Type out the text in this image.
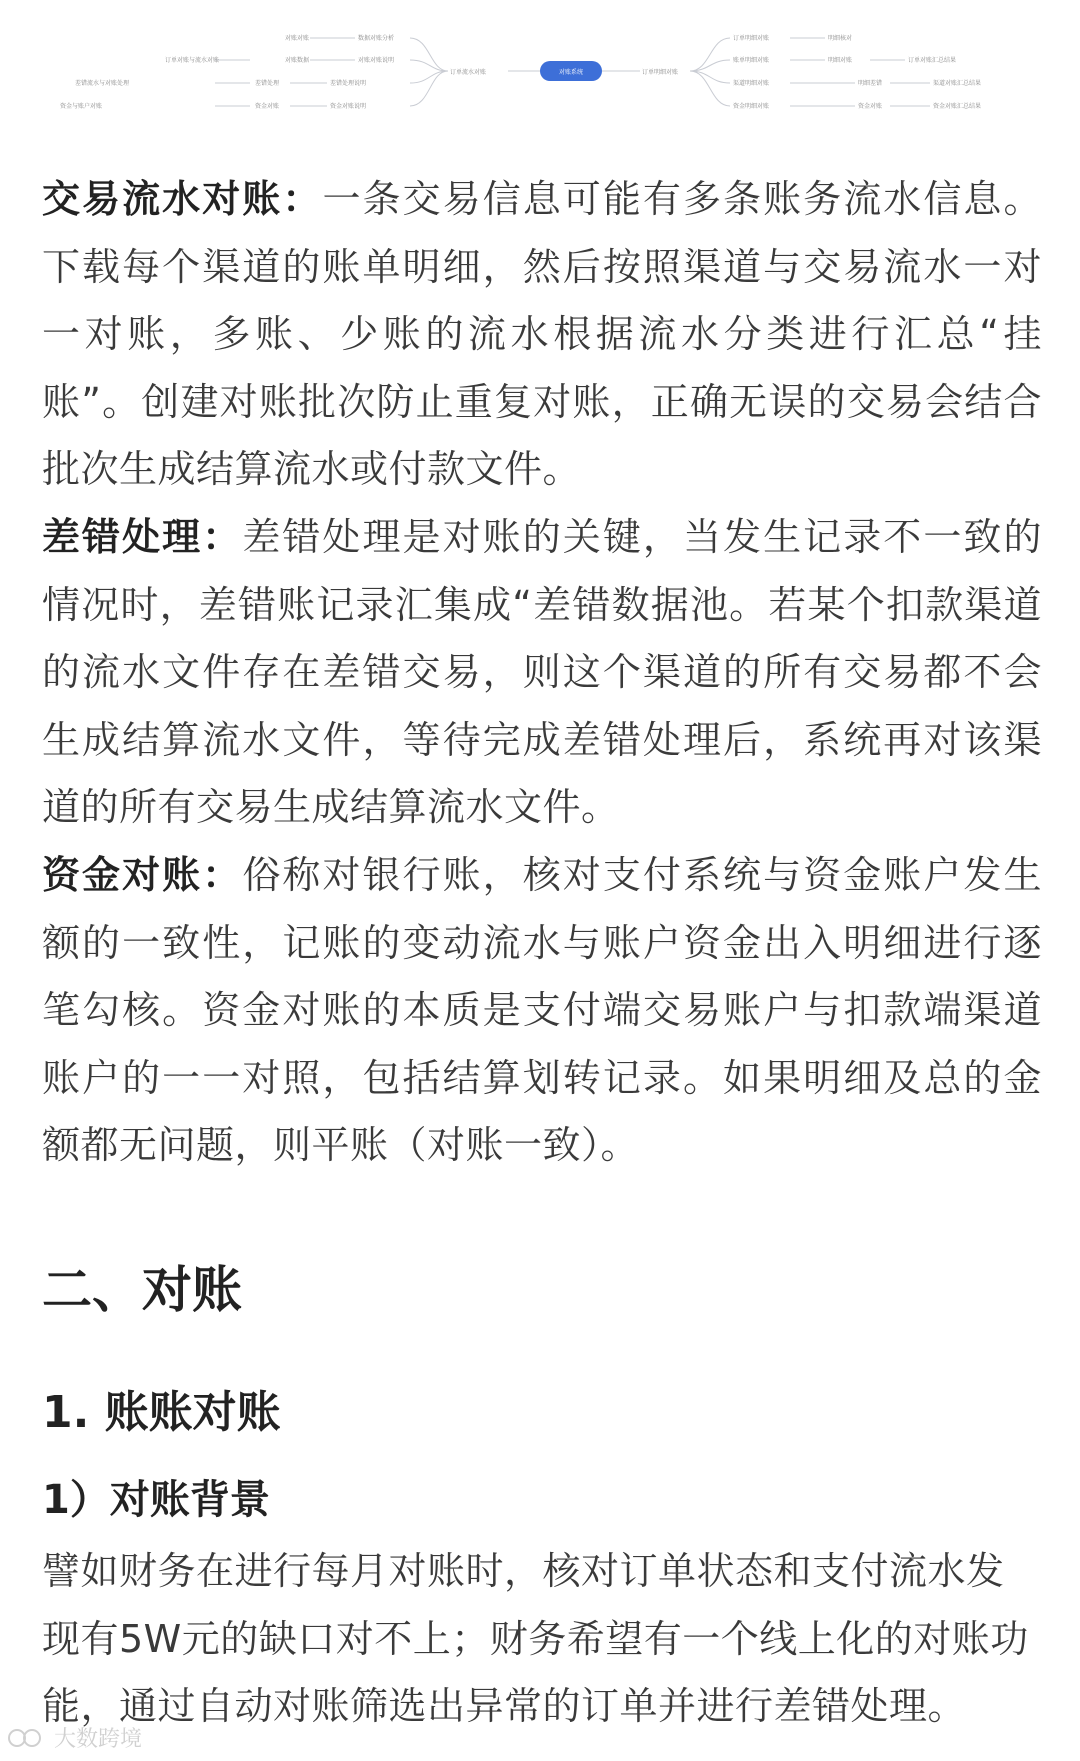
对账系统
订单流水对账
数据对账分析
对账对账说明
差错处理说明
资金对账说明
对账对账
对账数据
差错处理
资金对账
订单对账与流水对账
差错流水与对账处理
资金与账户对账
订单明细对账
订单明细对账
账单明细对账
渠道明细对账
资金明细对账
明细核对
明细对账
明细差错
资金对账
订单对账汇总结果
渠道对账汇总结果
资金对账汇总结果

交易流水对账：一条交易信息可能有多条账务流水信息。下载每个渠道的账单明细，然后按照渠道与交易流水一对一对账，多账、少账的流水根据流水分类进行汇总“挂账”。创建对账批次防止重复对账，正确无误的交易会结合批次生成结算流水或付款文件。

差错处理：差错处理是对账的关键，当发生记录不一致的情况时，差错账记录汇集成“差错数据池。若某个扣款渠道的流水文件存在差错交易，则这个渠道的所有交易都不会生成结算流水文件，等待完成差错处理后，系统再对该渠道的所有交易生成结算流水文件。

资金对账：俗称对银行账，核对支付系统与资金账户发生额的一致性，记账的变动流水与账户资金出入明细进行逐笔勾核。资金对账的本质是支付端交易账户与扣款端渠道账户的一一对照，包括结算划转记录。如果明细及总的金额都无问题，则平账（对账一致）。

二、对账
1. 账账对账
1）对账背景

譬如财务在进行每月对账时，核对订单状态和支付流水发现有5W元的缺口对不上；财务希望有一个线上化的对账功能，通过自动对账筛选出异常的订单并进行差错处理。

大数跨境
